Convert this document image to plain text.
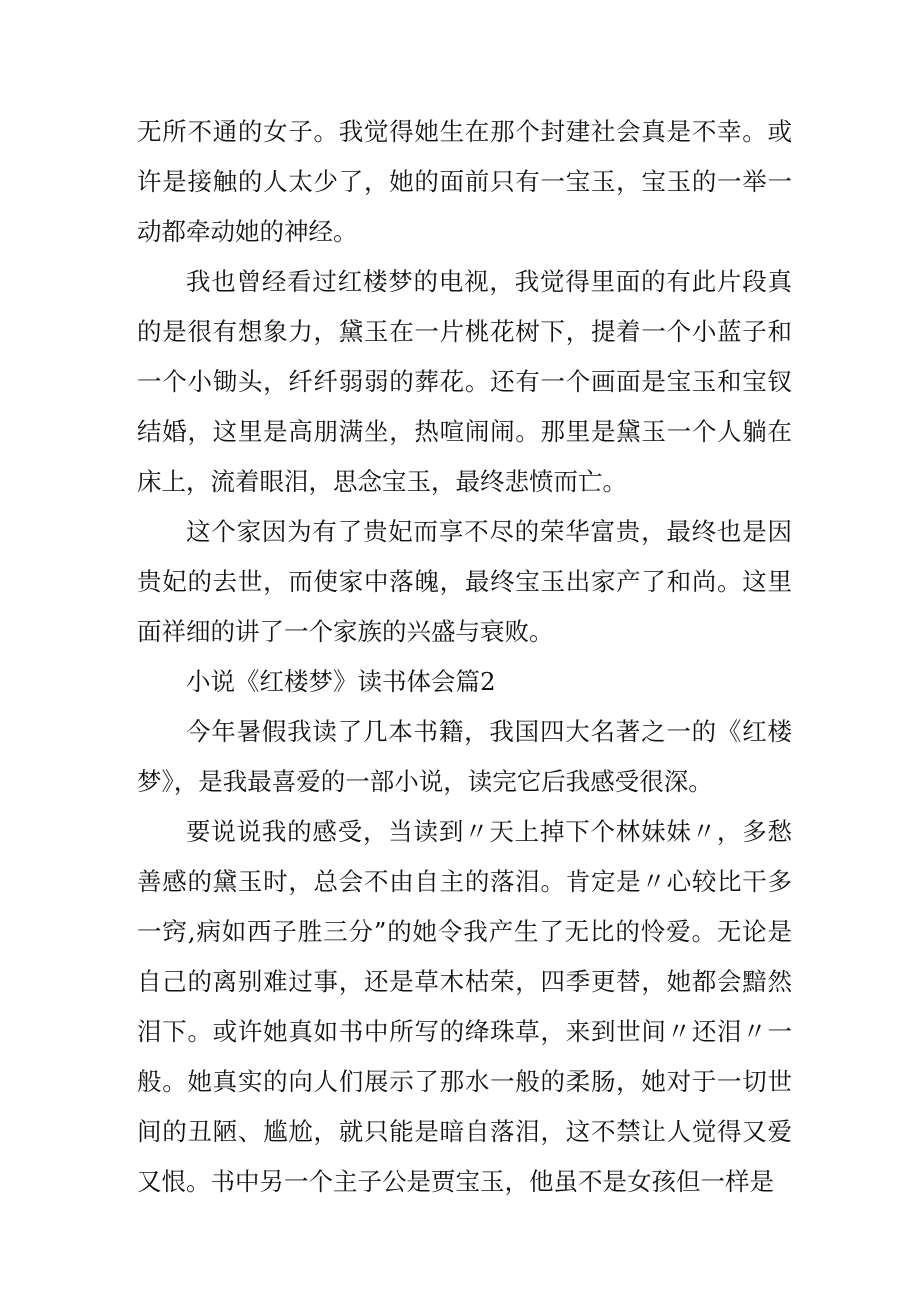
无所不通的女子。我觉得她生在那个封建社会真是不幸。或许是接触的人太少了，她的面前只有一宝玉，宝玉的一举一动都牵动她的神经。

我也曾经看过红楼梦的电视，我觉得里面的有此片段真的是很有想象力，黛玉在一片桃花树下，提着一个小蓝子和一个小锄头，纤纤弱弱的葬花。还有一个画面是宝玉和宝钗结婚，这里是高朋满坐，热喧闹闹。那里是黛玉一个人躺在床上，流着眼泪，思念宝玉，最终悲愤而亡。

这个家因为有了贵妃而享不尽的荣华富贵，最终也是因贵妃的去世，而使家中落魄，最终宝玉出家产了和尚。这里面祥细的讲了一个家族的兴盛与衰败。

小说《红楼梦》读书体会篇2

今年暑假我读了几本书籍，我国四大名著之一的《红楼梦》，是我最喜爱的一部小说，读完它后我感受很深。

要说说我的感受，当读到〃天上掉下个林妹妹〃，多愁善感的黛玉时，总会不由自主的落泪。肯定是〃心较比干多一窍,病如西子胜三分”的她令我产生了无比的怜爱。无论是自己的离别难过事，还是草木枯荣，四季更替，她都会黯然泪下。或许她真如书中所写的绛珠草，来到世间〃还泪〃一般。她真实的向人们展示了那水一般的柔肠，她对于一切世间的丑陋、尴尬，就只能是暗自落泪，这不禁让人觉得又爱又恨。书中另一个主子公是贾宝玉，他虽不是女孩但一样是
